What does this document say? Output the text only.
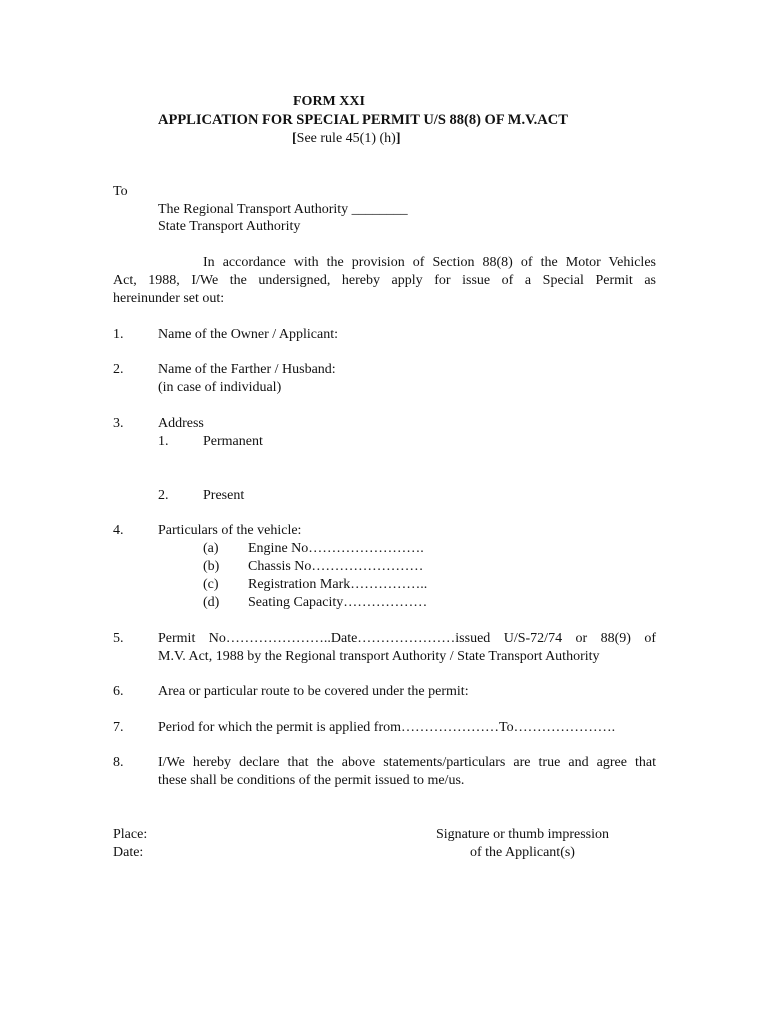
FORM XXI
APPLICATION FOR SPECIAL PERMIT U/S 88(8) OF M.V.ACT
[See rule 45(1) (h)]
To
The Regional Transport Authority ________
State Transport Authority
In accordance with the provision of Section 88(8) of the Motor Vehicles
Act, 1988, I/We the undersigned, hereby apply for issue of a Special Permit as
hereinunder set out:
1. Name of the Owner / Applicant:
2. Name of the Farther / Husband:
(in case of individual)
3. Address
1. Permanent
2. Present
4. Particulars of the vehicle:
(a) Engine No…………………….
(b) Chassis No……………………
(c) Registration Mark……………..
(d) Seating Capacity………………
5. Permit No…………………..Date…………………issued U/S-72/74 or 88(9) of
M.V. Act, 1988 by the Regional transport Authority / State Transport Authority
6. Area or particular route to be covered under the permit:
7. Period for which the permit is applied from…………………To………………….
8. I/We hereby declare that the above statements/particulars are true and agree that
these shall be conditions of the permit issued to me/us.
Place:
Date:
Signature or thumb impression
of the Applicant(s)
